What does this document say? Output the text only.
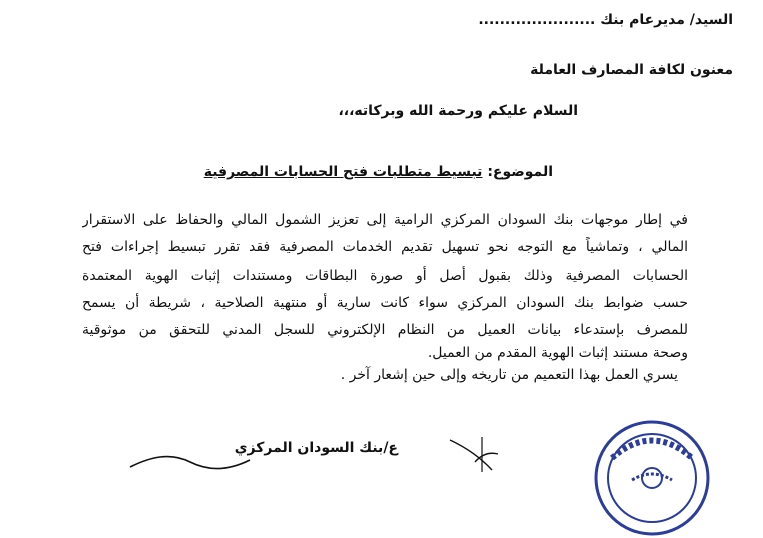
السيد/ مديرعام بنك ......................
معنون لكافة المصارف العاملة
السلام عليكم ورحمة الله وبركاته،،،
الموضوع: تبسيط متطلبات فتح الحسابات المصرفية
في إطار موجهات بنك السودان المركزي الرامية إلى تعزيز الشمول المالي والحفاظ على الاستقرار
المالي ، وتماشياً مع التوجه نحو تسهيل تقديم الخدمات المصرفية فقد تقرر تبسيط إجراءات فتح
الحسابات المصرفية وذلك بقبول أصل أو صورة البطاقات ومستندات إثبات الهوية المعتمدة
حسب ضوابط بنك السودان المركزي سواء كانت سارية أو منتهية الصلاحية ، شريطة أن يسمح
للمصرف بإستدعاء بيانات العميل من النظام الإلكتروني للسجل المدني للتحقق من موثوقية
وصحة مستند إثبات الهوية المقدم من العميل.
يسري العمل بهذا التعميم من تاريخه وإلى حين إشعار آخر .
ع/بنك السودان المركزي
